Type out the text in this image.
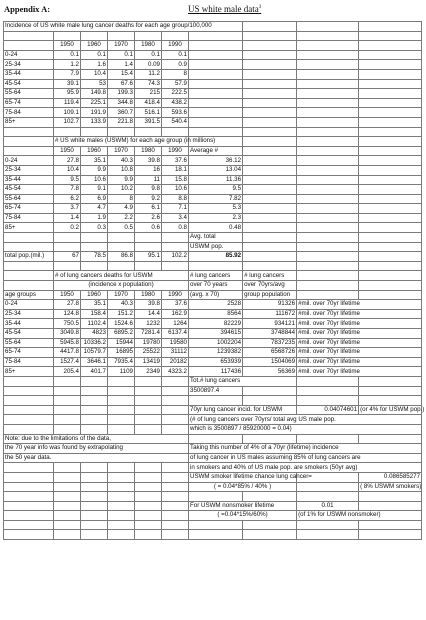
Appendix A:	US white male data$^3$
Incidence of US white male lung cancer deaths for each age group/100,000									

	1950	1960	1970	1980	1990				
0-24	0.1	0.1	0.1	0.1	0.1				
25-34	1.2	1.6	1.4	0.09	0.9				
35-44	7.9	10.4	15.4	11.2	8				
45-54	39.1	53	67.6	74.3	57.9				
55-64	95.9	149.8	199.3	215	222.5				
65-74	119.4	225.1	344.8	418.4	438.2				
75-84	109.1	191.9	360.7	516.1	593.6				
85+	102.7	133.9	221.8	391.5	540.4				

	# US white males (USWM) for each age group (in millions)								
	1950	1960	1970	1980	1990	Average #			
0-24	27.8	35.1	40.3	39.8	37.6	36.12			
25-34	10.4	9.9	10.8	16	18.1	13.04			
35-44	9.5	10.6	9.9	11	15.8	11.36			
45-54	7.8	9.1	10.2	9.8	10.6	9.5			
55-64	6.2	6.9	8	9.2	8.8	7.82			
65-74	3.7	4.7	4.9	6.1	7.1	5.3			
75-84	1.4	1.9	2.2	2.6	3.4	2.3			
85+	0.2	0.3	0.5	0.6	0.8	0.48			
						Avg. total			
						USWM pop.			
total pop.(mil.)	67	78.5	86.8	95.1	102.2	85.92			

	# of lung cancers deaths for USWM					# lung cancers	# lung cancers		
	(incidence x population)					over 70 years	over 70yrs/avg		
age groups	1950	1960	1970	1980	1990	(avg. x 70)	group population		
0-24	27.8	35.1	40.3	39.8	37.6	2528	91326	#mil. over 70yr lifetime	
25-34	124.8	158.4	151.2	14.4	162.9	8564	111672	#mil. over 70yr lifetime	
35-44	750.5	1102.4	1524.6	1232	1264	82229	934121	#mil. over 70yr lifetime	
45-54	3049.8	4823	6895.2	7281.4	6137.4	394615	3748844	#mil. over 70yr lifetime	
55-64	5945.8	10336.2	15944	19780	19580	1002204	7837235	#mil. over 70yr lifetime	
65-74	4417.8	10579.7	16895	25522	31112	1239382	6568726	#mil. over 70yr lifetime	
75-84	1527.4	3646.1	7935.4	13419	20182	653939	1504069	#mil. over 70yr lifetime	
85+	205.4	401.7	1109	2349	4323.2	117436	56369	#mil. over 70yr lifetime	
						Tot.# lung cancers			
						3500897.4			

						70yr lung cancer incid. for USWM		0.04074601	(or 4% for USWM pop.)
						(# of lung cancers over 70yrs/ total avg US male pop.			
						which is 3500897 / 85920000 = 0.04)			
Note: due to the limitations of the data,									
the 70 year info was found by extrapolating						Taking this number of 4% of a 70yr (lifetime) incidence			
the 50 year data.						of lung cancer in US males assuming 85% of lung cancers are			
						in smokers and 40% of US male pop. are smokers (50yr avg)			
						USWM smoker lifetime chance lung cancer=			0.086585277
						( = 0.04*85% / 40% )			( 8% USWM smokers)

						For USWM nonsmoker lifetime		0.01	
						( =0.04*15%/60%)		(of 1% for USWM nonsmoker)	
